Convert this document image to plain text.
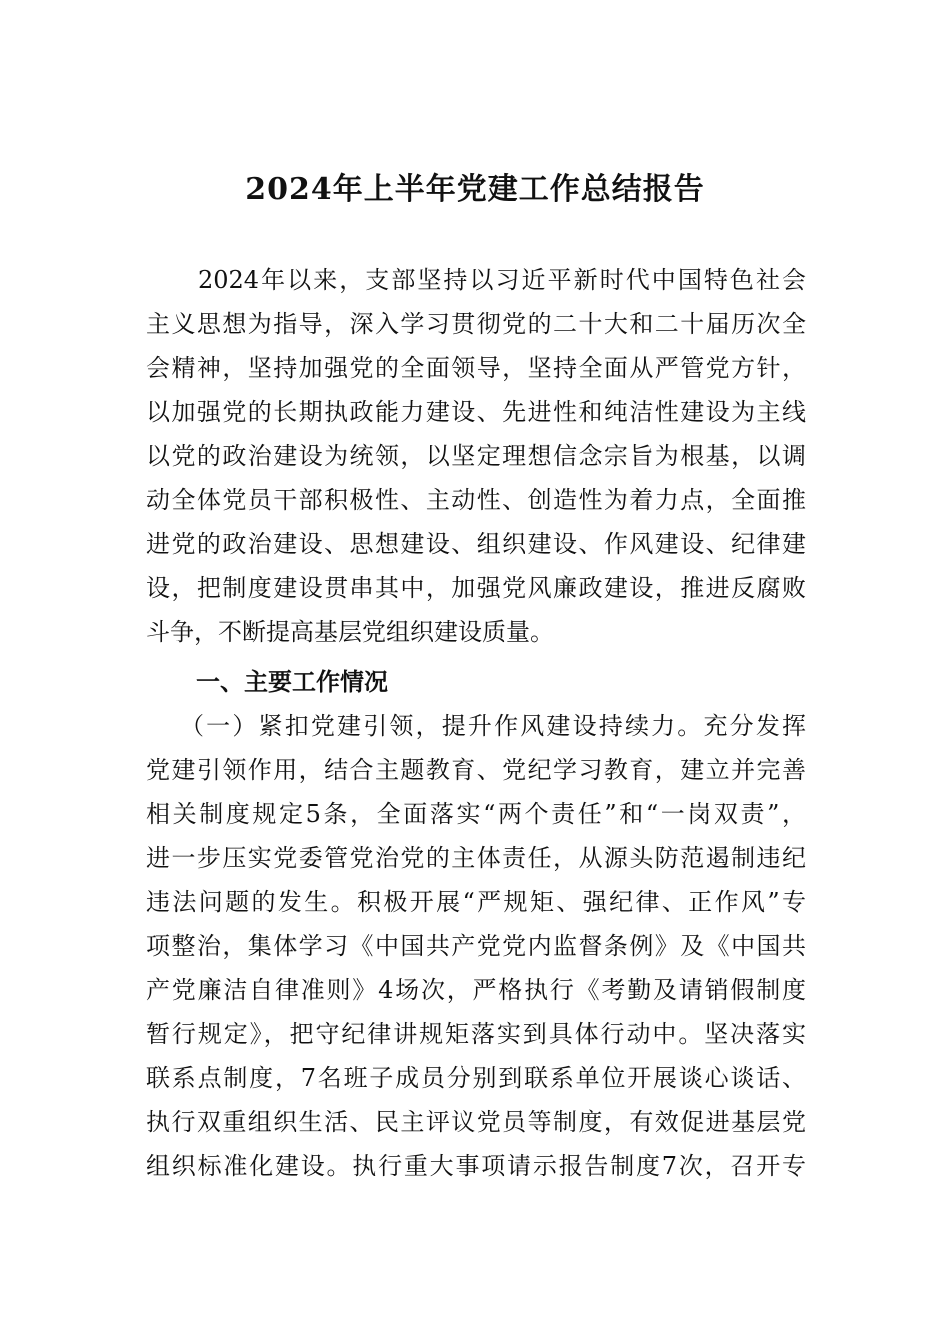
2024年上半年党建工作总结报告
2024年以来，支部坚持以习近平新时代中国特色社会
主义思想为指导，深入学习贯彻党的二十大和二十届历次全
会精神，坚持加强党的全面领导，坚持全面从严管党方针，
以加强党的长期执政能力建设、先进性和纯洁性建设为主线
以党的政治建设为统领，以坚定理想信念宗旨为根基，以调
动全体党员干部积极性、主动性、创造性为着力点，全面推
进党的政治建设、思想建设、组织建设、作风建设、纪律建
设，把制度建设贯串其中，加强党风廉政建设，推进反腐败
斗争，不断提高基层党组织建设质量。
一、主要工作情况
（一）紧扣党建引领，提升作风建设持续力。充分发挥
党建引领作用，结合主题教育、党纪学习教育，建立并完善
相关制度规定5条，全面落实“两个责任”和“一岗双责”，
进一步压实党委管党治党的主体责任，从源头防范遏制违纪
违法问题的发生。积极开展“严规矩、强纪律、正作风”专
项整治，集体学习《中国共产党党内监督条例》及《中国共
产党廉洁自律准则》4场次，严格执行《考勤及请销假制度
暂行规定》，把守纪律讲规矩落实到具体行动中。坚决落实
联系点制度，7名班子成员分别到联系单位开展谈心谈话、
执行双重组织生活、民主评议党员等制度，有效促进基层党
组织标准化建设。执行重大事项请示报告制度7次，召开专
